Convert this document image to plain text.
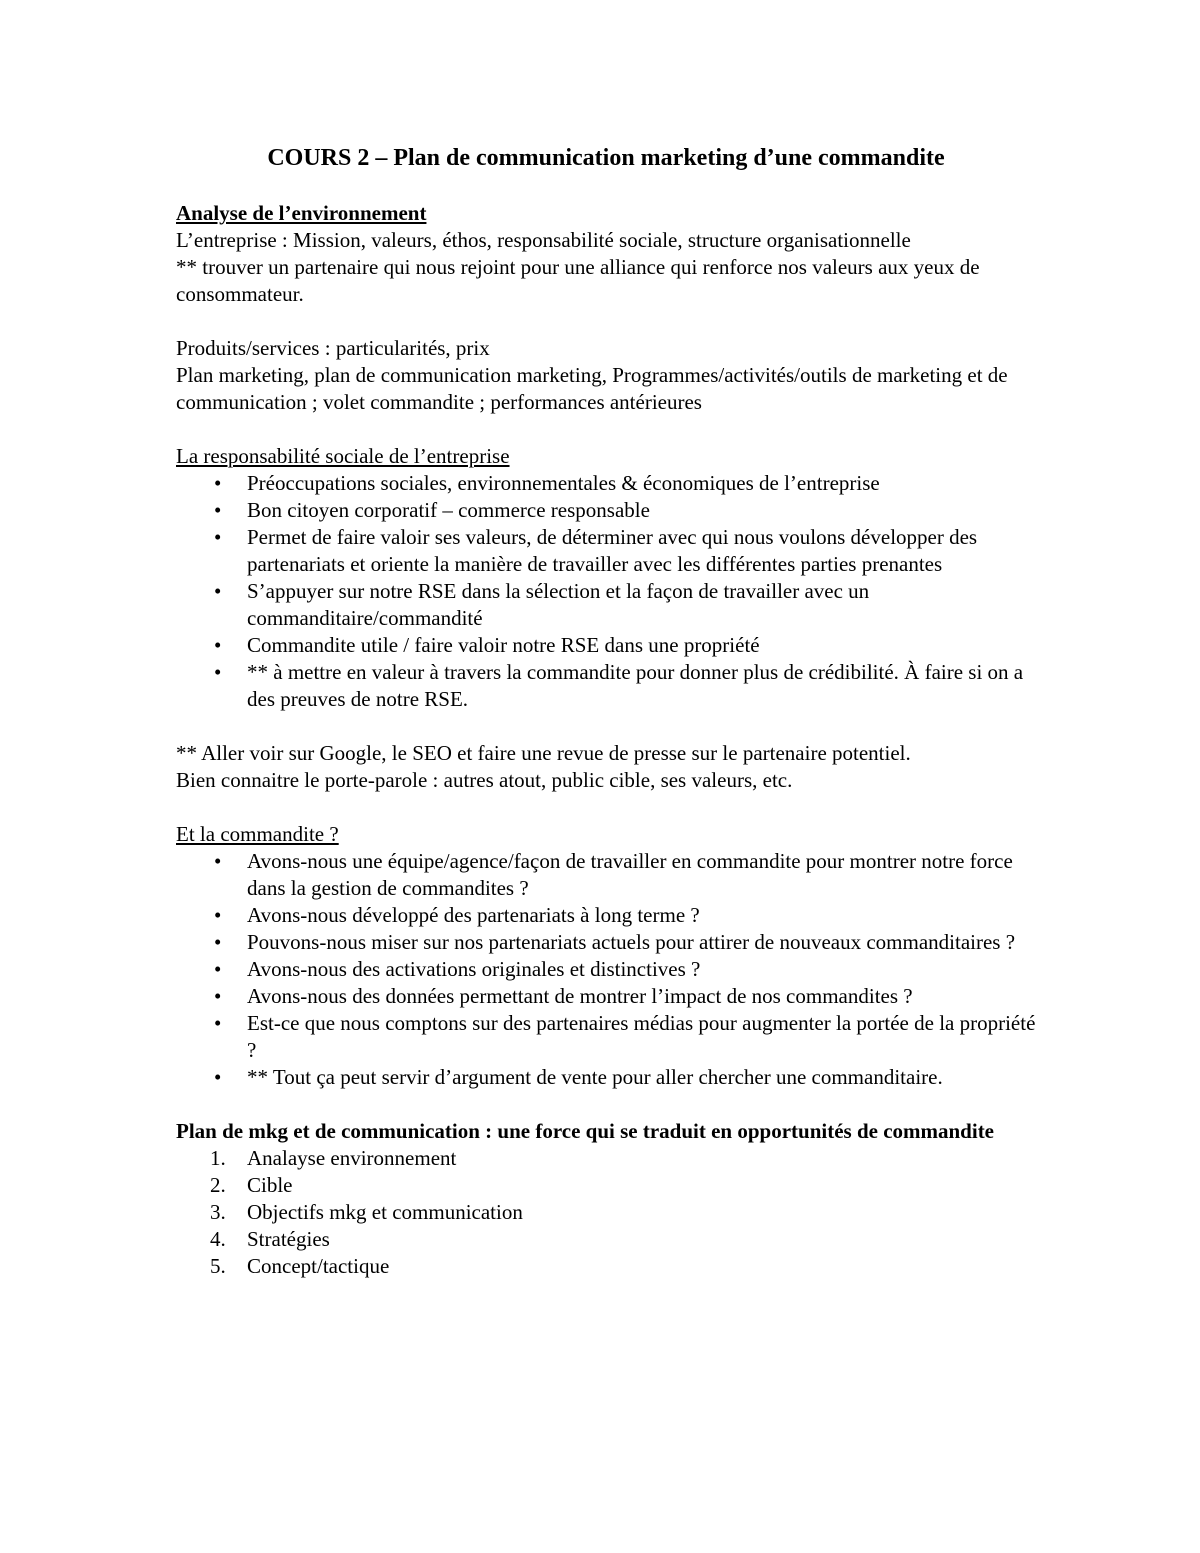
COURS 2 – Plan de communication marketing d’une commandite

Analyse de l’environnement

L’entreprise : Mission, valeurs, éthos, responsabilité sociale, structure organisationnelle

** trouver un partenaire qui nous rejoint pour une alliance qui renforce nos valeurs aux yeux de consommateur.

Produits/services : particularités, prix

Plan marketing, plan de communication marketing, Programmes/activités/outils de marketing et de communication ; volet commandite ; performances antérieures

La responsabilité sociale de l’entreprise

• Préoccupations sociales, environnementales & économiques de l’entreprise
• Bon citoyen corporatif – commerce responsable
• Permet de faire valoir ses valeurs, de déterminer avec qui nous voulons développer des partenariats et oriente la manière de travailler avec les différentes parties prenantes
• S’appuyer sur notre RSE dans la sélection et la façon de travailler avec un commanditaire/commandité
• Commandite utile / faire valoir notre RSE dans une propriété
• ** à mettre en valeur à travers la commandite pour donner plus de crédibilité. À faire si on a des preuves de notre RSE.

** Aller voir sur Google, le SEO et faire une revue de presse sur le partenaire potentiel.

Bien connaitre le porte-parole : autres atout, public cible, ses valeurs, etc.

Et la commandite ?

• Avons-nous une équipe/agence/façon de travailler en commandite pour montrer notre force dans la gestion de commandites ?
• Avons-nous développé des partenariats à long terme ?
• Pouvons-nous miser sur nos partenariats actuels pour attirer de nouveaux commanditaires ?
• Avons-nous des activations originales et distinctives ?
• Avons-nous des données permettant de montrer l’impact de nos commandites ?
• Est-ce que nous comptons sur des partenaires médias pour augmenter la portée de la propriété ?
• ** Tout ça peut servir d’argument de vente pour aller chercher une commanditaire.

Plan de mkg et de communication : une force qui se traduit en opportunités de commandite

1. Analayse environnement
2. Cible
3. Objectifs mkg et communication
4. Stratégies
5. Concept/tactique
